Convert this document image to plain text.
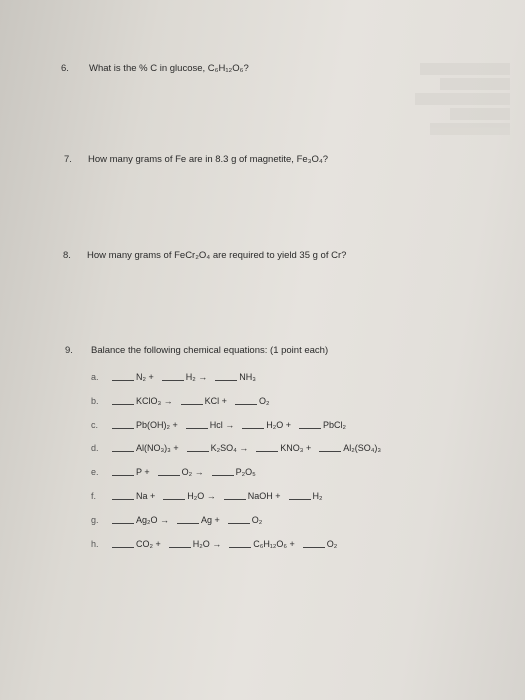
6. What is the % C in glucose, C₆H₁₂O₆?
7. How many grams of Fe are in 8.3 g of magnetite, Fe₃O₄?
8. How many grams of FeCr₂O₄ are required to yield 35 g of Cr?
9. Balance the following chemical equations: (1 point each)
a.	N₂ +	H₂ →	NH₃
b.	KClO₃ →	KCl +	O₂
c.	Pb(OH)₂ +	Hcl →	H₂O +	PbCl₂
d.	Al(NO₃)₃ +	K₂SO₄ →	KNO₃ +	Al₂(SO₄)₃
e.	P +	O₂ →	P₂O₅
f.	Na +	H₂O →	NaOH +	H₂
g.	Ag₂O →	Ag +	O₂
h.	CO₂ +	H₂O →	C₆H₁₂O₆ +	O₂
